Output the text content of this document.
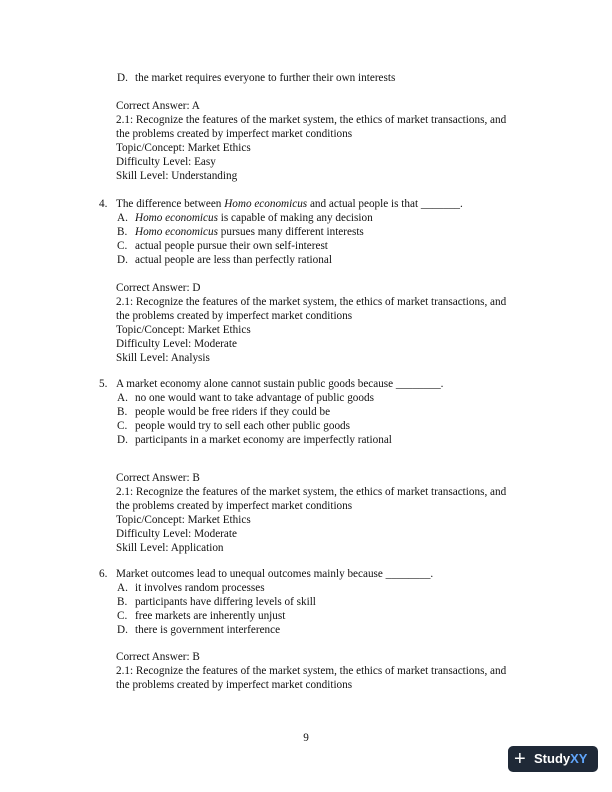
D. the market requires everyone to further their own interests
Correct Answer: A
2.1: Recognize the features of the market system, the ethics of market transactions, and
the problems created by imperfect market conditions
Topic/Concept: Market Ethics
Difficulty Level: Easy
Skill Level: Understanding
4. The difference between Homo economicus and actual people is that _______.
A. Homo economicus is capable of making any decision
B. Homo economicus pursues many different interests
C. actual people pursue their own self-interest
D. actual people are less than perfectly rational
Correct Answer: D
2.1: Recognize the features of the market system, the ethics of market transactions, and
the problems created by imperfect market conditions
Topic/Concept: Market Ethics
Difficulty Level: Moderate
Skill Level: Analysis
5. A market economy alone cannot sustain public goods because ________.
A. no one would want to take advantage of public goods
B. people would be free riders if they could be
C. people would try to sell each other public goods
D. participants in a market economy are imperfectly rational
Correct Answer: B
2.1: Recognize the features of the market system, the ethics of market transactions, and
the problems created by imperfect market conditions
Topic/Concept: Market Ethics
Difficulty Level: Moderate
Skill Level: Application
6. Market outcomes lead to unequal outcomes mainly because ________.
A. it involves random processes
B. participants have differing levels of skill
C. free markets are inherently unjust
D. there is government interference
Correct Answer: B
2.1: Recognize the features of the market system, the ethics of market transactions, and
the problems created by imperfect market conditions
9
+ StudyXY
